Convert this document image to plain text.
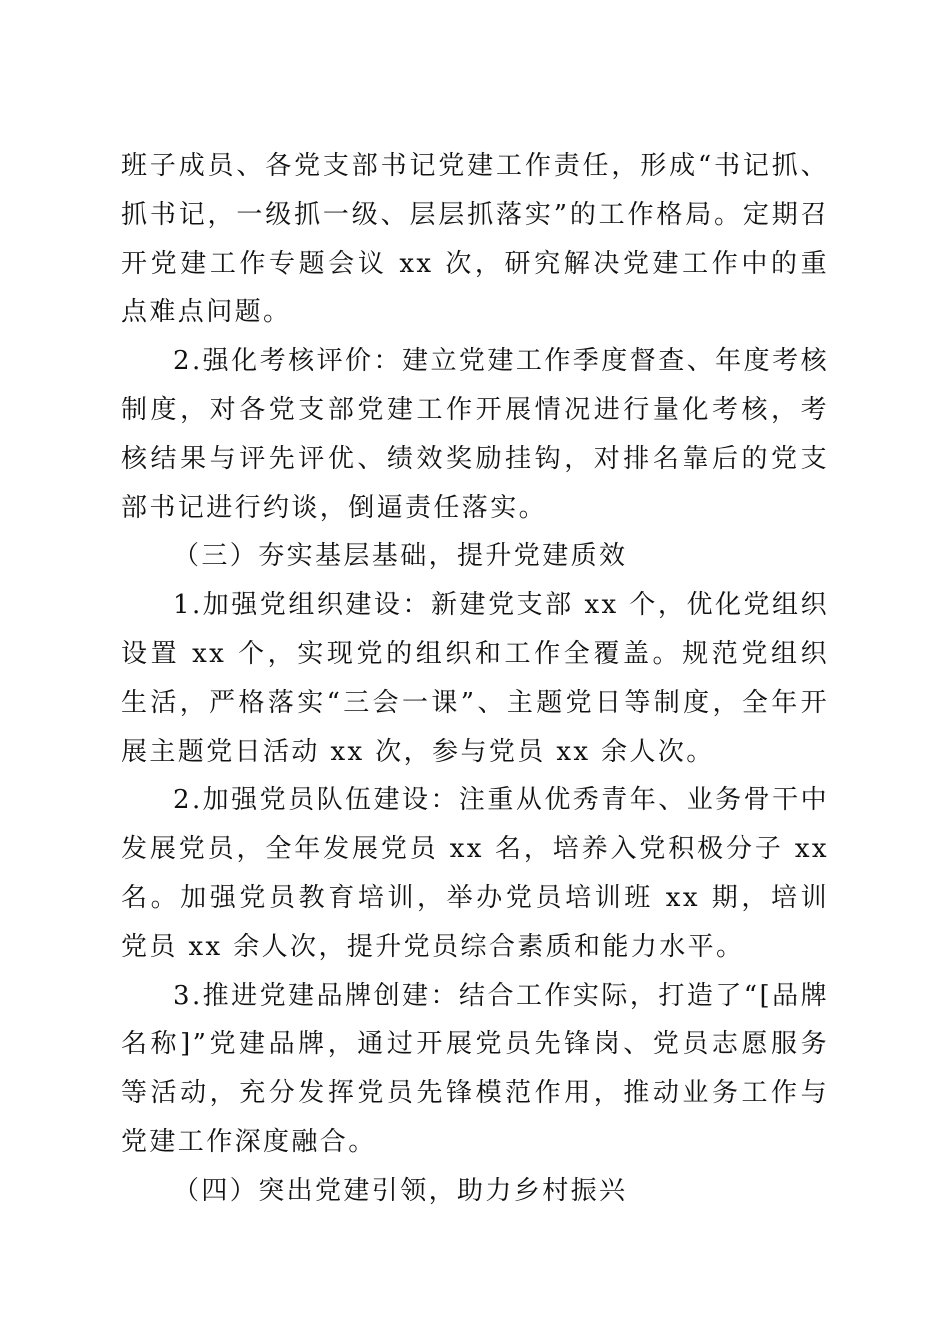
班子成员、各党支部书记党建工作责任，形成“书记抓、抓书记，一级抓一级、层层抓落实”的工作格局。定期召开党建工作专题会议 xx 次，研究解决党建工作中的重点难点问题。

2.强化考核评价：建立党建工作季度督查、年度考核制度，对各党支部党建工作开展情况进行量化考核，考核结果与评先评优、绩效奖励挂钩，对排名靠后的党支部书记进行约谈，倒逼责任落实。

（三）夯实基层基础，提升党建质效

1.加强党组织建设：新建党支部 xx 个，优化党组织设置 xx 个，实现党的组织和工作全覆盖。规范党组织生活，严格落实“三会一课”、主题党日等制度，全年开展主题党日活动 xx 次，参与党员 xx 余人次。

2.加强党员队伍建设：注重从优秀青年、业务骨干中发展党员，全年发展党员 xx 名，培养入党积极分子 xx 名。加强党员教育培训，举办党员培训班 xx 期，培训党员 xx 余人次，提升党员综合素质和能力水平。

3.推进党建品牌创建：结合工作实际，打造了“[品牌名称]”党建品牌，通过开展党员先锋岗、党员志愿服务等活动，充分发挥党员先锋模范作用，推动业务工作与党建工作深度融合。

（四）突出党建引领，助力乡村振兴
